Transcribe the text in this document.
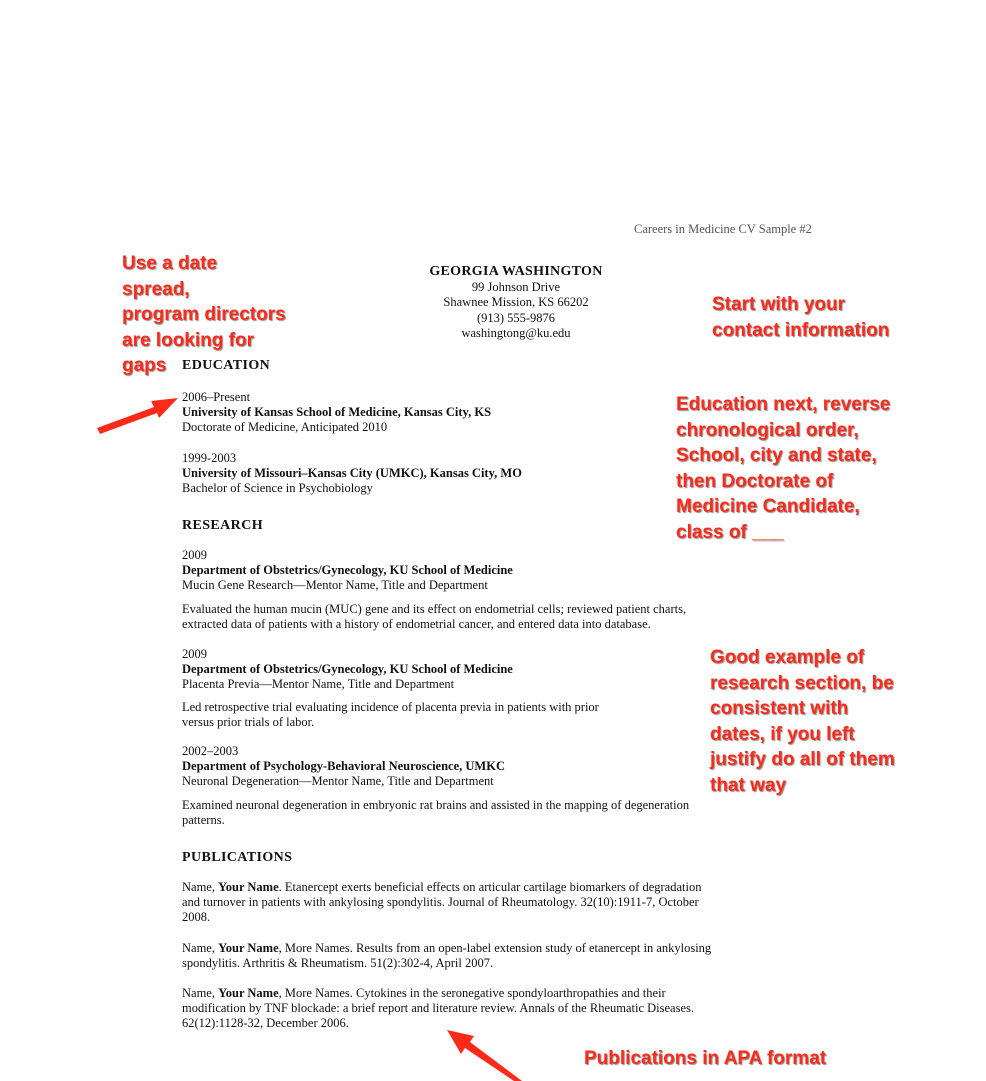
Careers in Medicine CV Sample #2
GEORGIA WASHINGTON
99 Johnson Drive
Shawnee Mission, KS 66202
(913) 555-9876
washingtong@ku.edu
EDUCATION
2006–Present
University of Kansas School of Medicine, Kansas City, KS
Doctorate of Medicine, Anticipated 2010
1999-2003
University of Missouri–Kansas City (UMKC), Kansas City, MO
Bachelor of Science in Psychobiology
RESEARCH
2009
Department of Obstetrics/Gynecology, KU School of Medicine
Mucin Gene Research—Mentor Name, Title and Department
Evaluated the human mucin (MUC) gene and its effect on endometrial cells; reviewed patient charts,
extracted data of patients with a history of endometrial cancer, and entered data into database.
2009
Department of Obstetrics/Gynecology, KU School of Medicine
Placenta Previa—Mentor Name, Title and Department
Led retrospective trial evaluating incidence of placenta previa in patients with prior
versus prior trials of labor.
2002–2003
Department of Psychology-Behavioral Neuroscience, UMKC
Neuronal Degeneration—Mentor Name, Title and Department
Examined neuronal degeneration in embryonic rat brains and assisted in the mapping of degeneration
patterns.
PUBLICATIONS
Name, Your Name. Etanercept exerts beneficial effects on articular cartilage biomarkers of degradation
and turnover in patients with ankylosing spondylitis. Journal of Rheumatology. 32(10):1911-7, October
2008.
Name, Your Name, More Names. Results from an open-label extension study of etanercept in ankylosing
spondylitis. Arthritis & Rheumatism. 51(2):302-4, April 2007.
Name, Your Name, More Names. Cytokines in the seronegative spondyloarthropathies and their
modification by TNF blockade: a brief report and literature review. Annals of the Rheumatic Diseases.
62(12):1128-32, December 2006.
Use a date
spread,
program directors
are looking for
gaps
Start with your
contact information
Education next, reverse
chronological order,
School, city and state,
then Doctorate of
Medicine Candidate,
class of ___
Good example of
research section, be
consistent with
dates, if you left
justify do all of them
that way
Publications in APA format
